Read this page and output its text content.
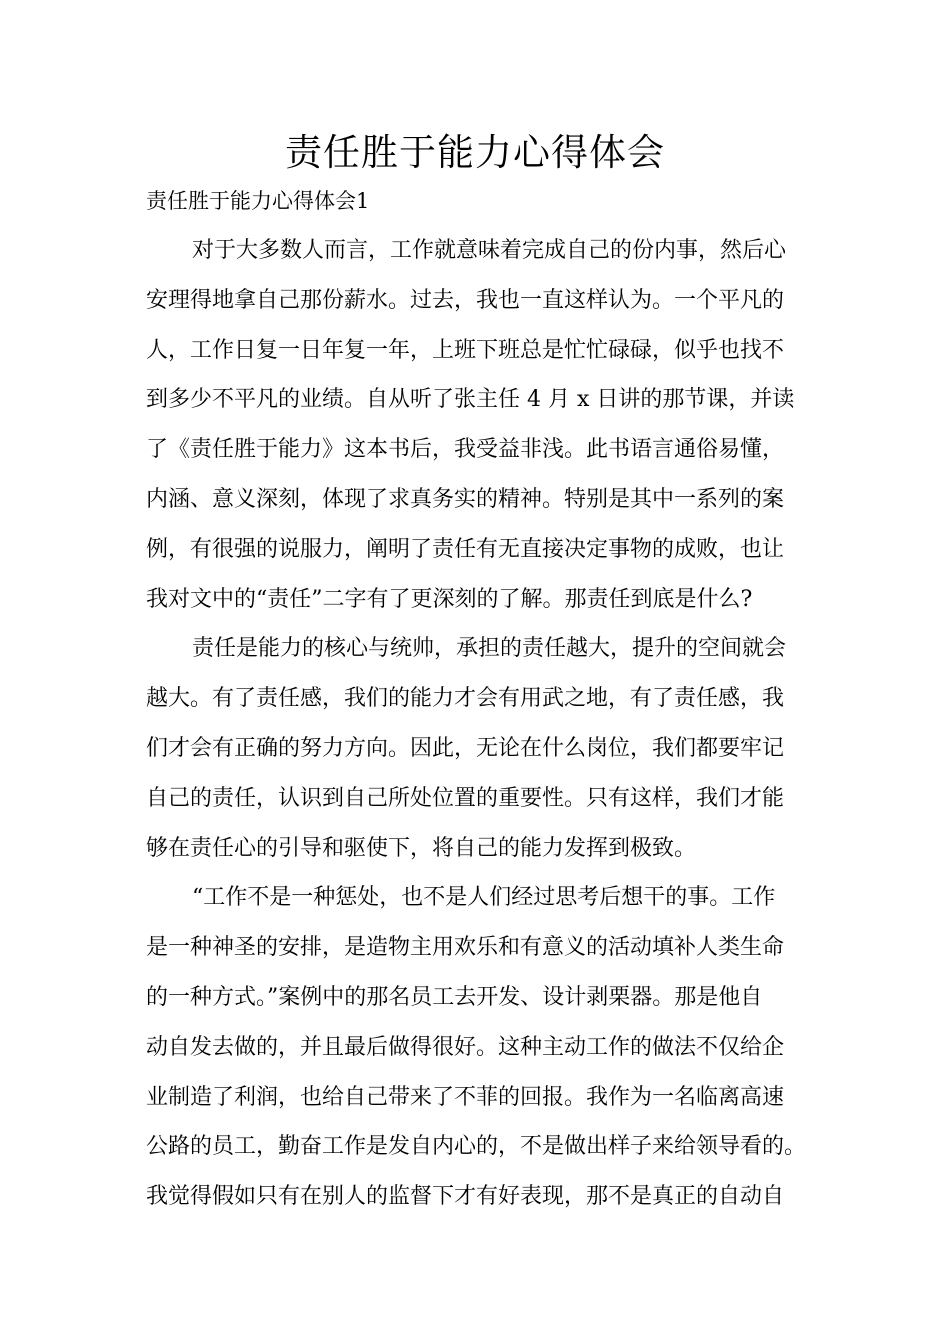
责任胜于能力心得体会

责任胜于能力心得体会1

对于大多数人而言，工作就意味着完成自己的份内事，然后心
安理得地拿自己那份薪水。过去，我也一直这样认为。一个平凡的
人，工作日复一日年复一年，上班下班总是忙忙碌碌，似乎也找不
到多少不平凡的业绩。自从听了张主任 4 月 x 日讲的那节课，并读
了《责任胜于能力》这本书后，我受益非浅。此书语言通俗易懂，
内涵、意义深刻，体现了求真务实的精神。特别是其中一系列的案
例，有很强的说服力，阐明了责任有无直接决定事物的成败，也让
我对文中的“责任”二字有了更深刻的了解。那责任到底是什么?
责任是能力的核心与统帅，承担的责任越大，提升的空间就会
越大。有了责任感，我们的能力才会有用武之地，有了责任感，我
们才会有正确的努力方向。因此，无论在什么岗位，我们都要牢记
自己的责任，认识到自己所处位置的重要性。只有这样，我们才能
够在责任心的引导和驱使下，将自己的能力发挥到极致。
“工作不是一种惩处，也不是人们经过思考后想干的事。工作
是一种神圣的安排，是造物主用欢乐和有意义的活动填补人类生命
的一种方式。”案例中的那名员工去开发、设计剥栗器。那是他自
动自发去做的，并且最后做得很好。这种主动工作的做法不仅给企
业制造了利润，也给自己带来了不菲的回报。我作为一名临离高速
公路的员工，勤奋工作是发自内心的，不是做出样子来给领导看的。
我觉得假如只有在别人的监督下才有好表现，那不是真正的自动自
